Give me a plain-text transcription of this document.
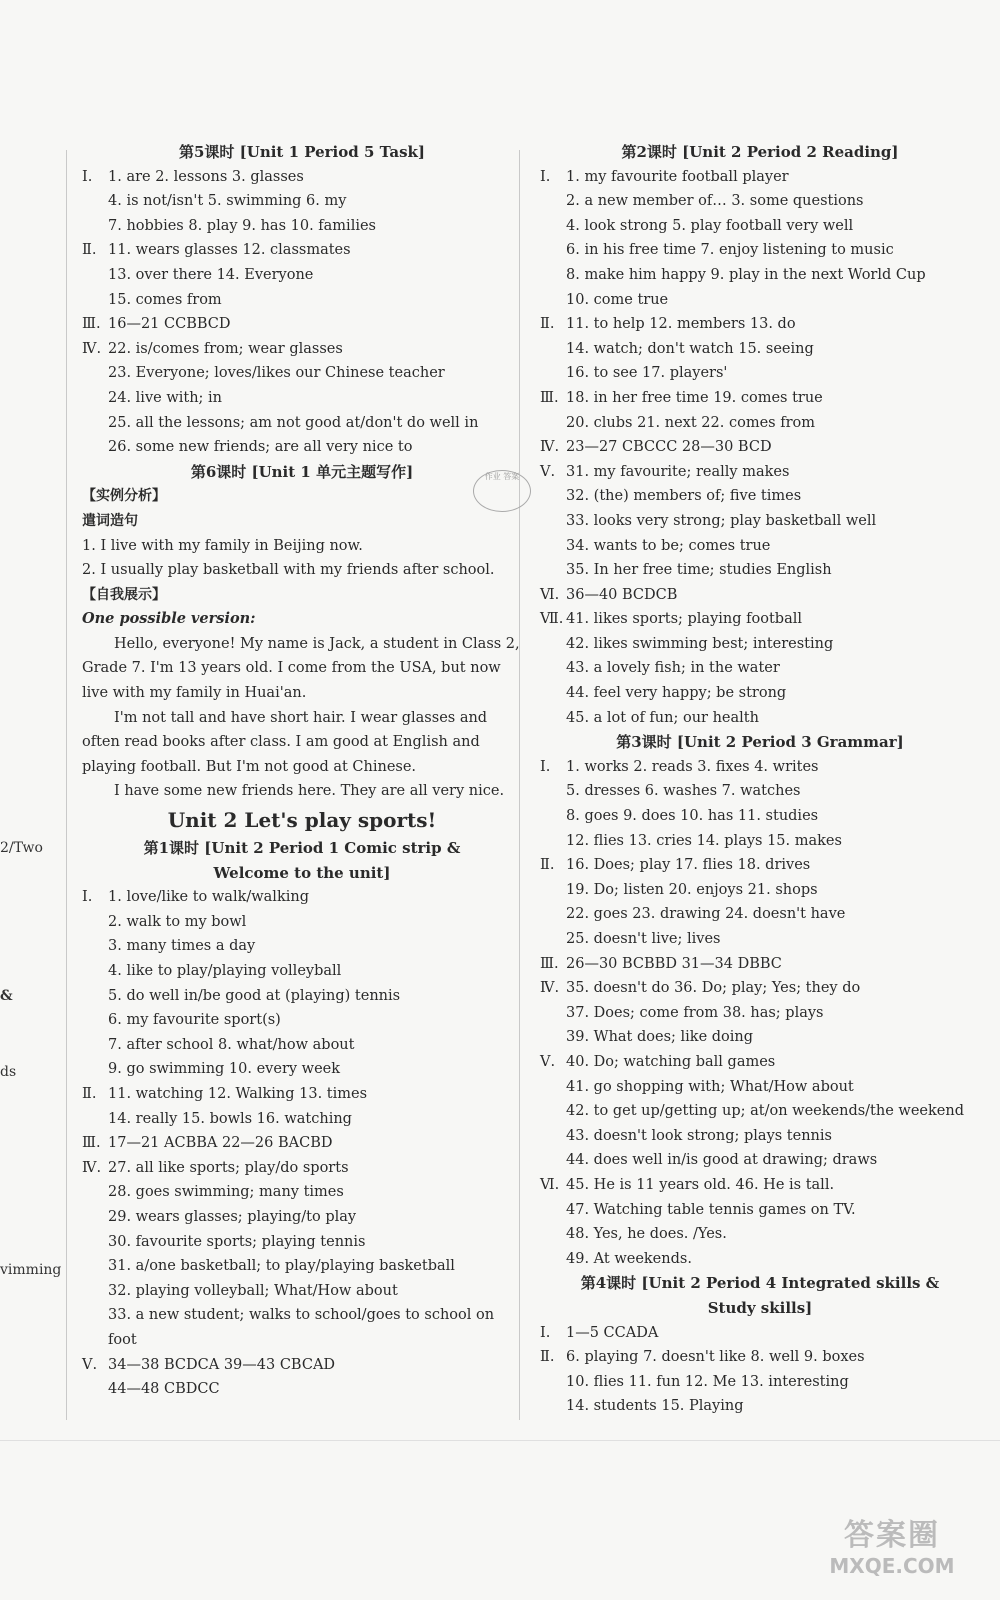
2/Two
&
ds
vimming
第5课时 [Unit 1 Period 5 Task]
Ⅰ. 1. are 2. lessons 3. glasses
4. is not/isn't 5. swimming 6. my
7. hobbies 8. play 9. has 10. families
Ⅱ. 11. wears glasses 12. classmates
13. over there 14. Everyone
15. comes from
Ⅲ. 16—21 CCBBCD
Ⅳ. 22. is/comes from; wear glasses
23. Everyone; loves/likes our Chinese teacher
24. live with; in
25. all the lessons; am not good at/don't do well in
26. some new friends; are all very nice to
第6课时 [Unit 1 单元主题写作]
【实例分析】
遣词造句
1. I live with my family in Beijing now.
2. I usually play basketball with my friends after school.
【自我展示】
One possible version:
Hello, everyone! My name is Jack, a student in Class 2, Grade 7. I'm 13 years old. I come from the USA, but now live with my family in Huai'an.
I'm not tall and have short hair. I wear glasses and often read books after class. I am good at English and playing football. But I'm not good at Chinese.
I have some new friends here. They are all very nice.
Unit 2 Let's play sports!
第1课时 [Unit 2 Period 1 Comic strip &
Welcome to the unit]
Ⅰ. 1. love/like to walk/walking
2. walk to my bowl
3. many times a day
4. like to play/playing volleyball
5. do well in/be good at (playing) tennis
6. my favourite sport(s)
7. after school 8. what/how about
9. go swimming 10. every week
Ⅱ. 11. watching 12. Walking 13. times
14. really 15. bowls 16. watching
Ⅲ. 17—21 ACBBA 22—26 BACBD
Ⅳ. 27. all like sports; play/do sports
28. goes swimming; many times
29. wears glasses; playing/to play
30. favourite sports; playing tennis
31. a/one basketball; to play/playing basketball
32. playing volleyball; What/How about
33. a new student; walks to school/goes to school on
foot
Ⅴ. 34—38 BCDCA 39—43 CBCAD
44—48 CBDCC
第2课时 [Unit 2 Period 2 Reading]
Ⅰ. 1. my favourite football player
2. a new member of… 3. some questions
4. look strong 5. play football very well
6. in his free time 7. enjoy listening to music
8. make him happy 9. play in the next World Cup
10. come true
Ⅱ. 11. to help 12. members 13. do
14. watch; don't watch 15. seeing
16. to see 17. players'
Ⅲ. 18. in her free time 19. comes true
20. clubs 21. next 22. comes from
Ⅳ. 23—27 CBCCC 28—30 BCD
Ⅴ. 31. my favourite; really makes
32. (the) members of; five times
33. looks very strong; play basketball well
34. wants to be; comes true
35. In her free time; studies English
Ⅵ. 36—40 BCDCB
Ⅶ. 41. likes sports; playing football
42. likes swimming best; interesting
43. a lovely fish; in the water
44. feel very happy; be strong
45. a lot of fun; our health
第3课时 [Unit 2 Period 3 Grammar]
Ⅰ. 1. works 2. reads 3. fixes 4. writes
5. dresses 6. washes 7. watches
8. goes 9. does 10. has 11. studies
12. flies 13. cries 14. plays 15. makes
Ⅱ. 16. Does; play 17. flies 18. drives
19. Do; listen 20. enjoys 21. shops
22. goes 23. drawing 24. doesn't have
25. doesn't live; lives
Ⅲ. 26—30 BCBBD 31—34 DBBC
Ⅳ. 35. doesn't do 36. Do; play; Yes; they do
37. Does; come from 38. has; plays
39. What does; like doing
Ⅴ. 40. Do; watching ball games
41. go shopping with; What/How about
42. to get up/getting up; at/on weekends/the weekend
43. doesn't look strong; plays tennis
44. does well in/is good at drawing; draws
Ⅵ. 45. He is 11 years old. 46. He is tall.
47. Watching table tennis games on TV.
48. Yes, he does. /Yes.
49. At weekends.
第4课时 [Unit 2 Period 4 Integrated skills &
Study skills]
Ⅰ. 1—5 CCADA
Ⅱ. 6. playing 7. doesn't like 8. well 9. boxes
10. flies 11. fun 12. Me 13. interesting
14. students 15. Playing
作业 答案
答案圈
MXQE.COM
